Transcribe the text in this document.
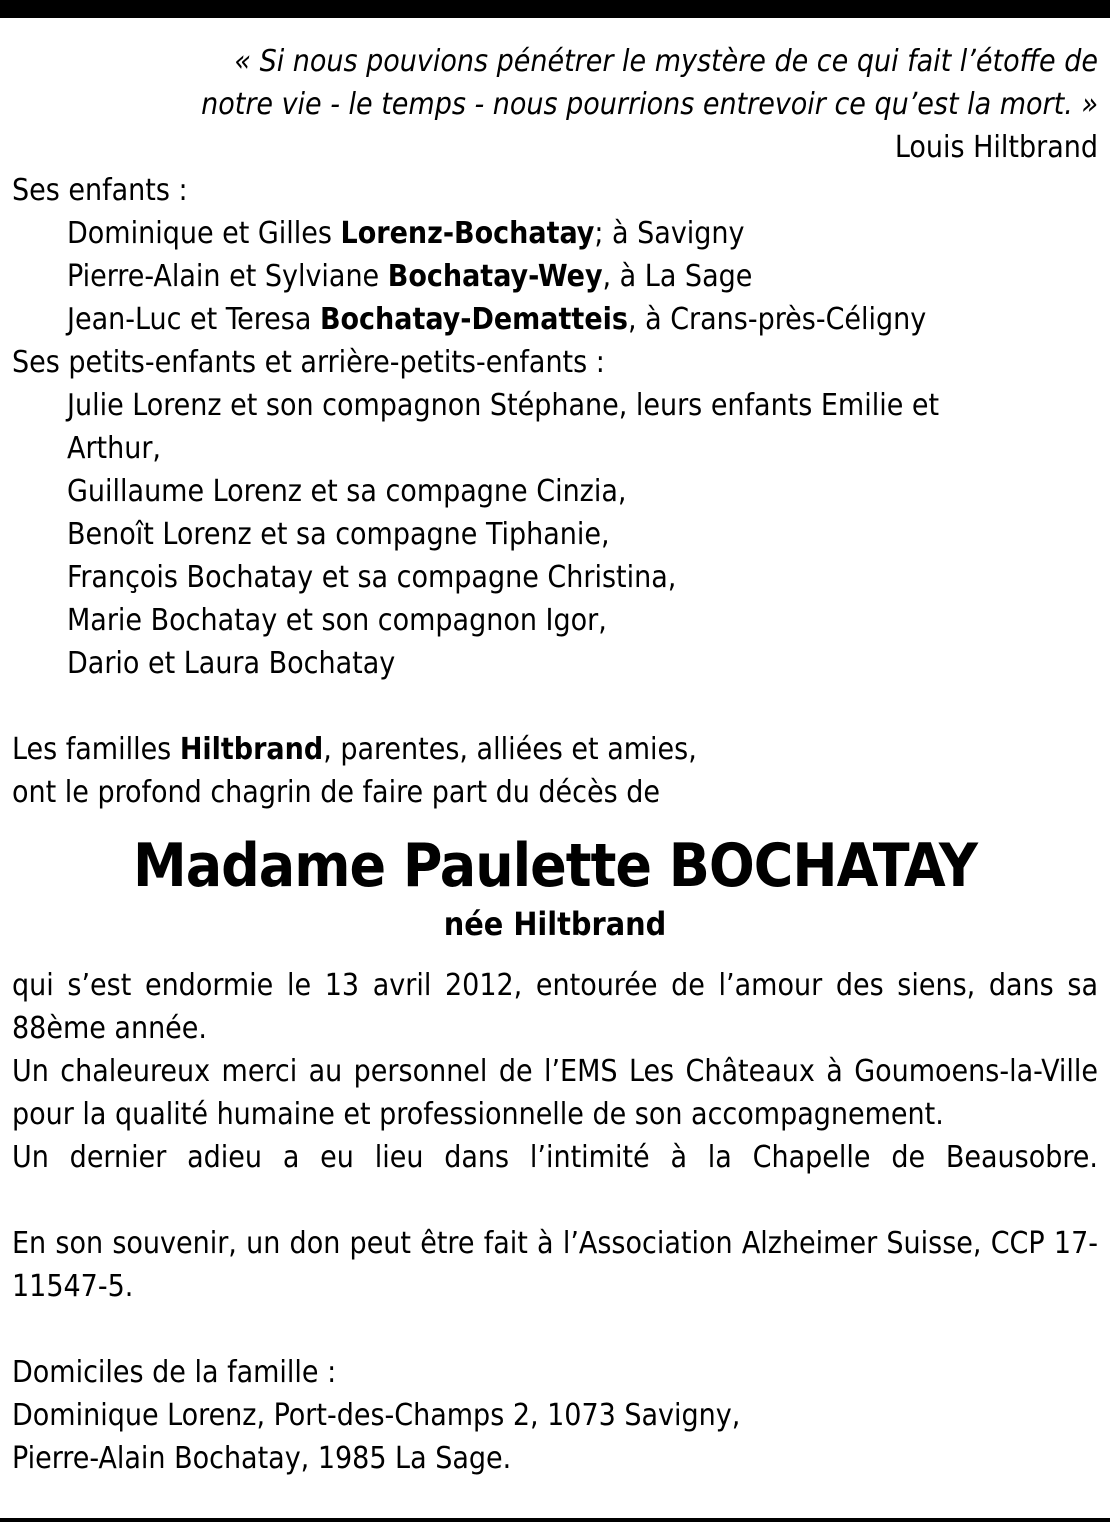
« Si nous pouvions pénétrer le mystère de ce qui fait l’étoffe de
notre vie - le temps - nous pourrions entrevoir ce qu’est la mort. »
Louis Hiltbrand
Ses enfants :
Dominique et Gilles Lorenz-Bochatay; à Savigny
Pierre-Alain et Sylviane Bochatay-Wey, à La Sage
Jean-Luc et Teresa Bochatay-Dematteis, à Crans-près-Céligny
Ses petits-enfants et arrière-petits-enfants :
Julie Lorenz et son compagnon Stéphane, leurs enfants Emilie et Arthur,
Guillaume Lorenz et sa compagne Cinzia,
Benoît Lorenz et sa compagne Tiphanie,
François Bochatay et sa compagne Christina,
Marie Bochatay et son compagnon Igor,
Dario et Laura Bochatay
Les familles Hiltbrand, parentes, alliées et amies,
ont le profond chagrin de faire part du décès de
Madame Paulette BOCHATAY
née Hiltbrand
qui s’est endormie le 13 avril 2012, entourée de l’amour des siens, dans sa 88ème année.
Un chaleureux merci au personnel de l’EMS Les Châteaux à Goumoens-la-Ville pour la qualité humaine et professionnelle de son accompagnement.
Un dernier adieu a eu lieu dans l’intimité à la Chapelle de Beausobre.
En son souvenir, un don peut être fait à l’Association Alzheimer Suisse, CCP 17-11547-5.
Domiciles de la famille :
Dominique Lorenz, Port-des-Champs 2, 1073 Savigny,
Pierre-Alain Bochatay, 1985 La Sage.
